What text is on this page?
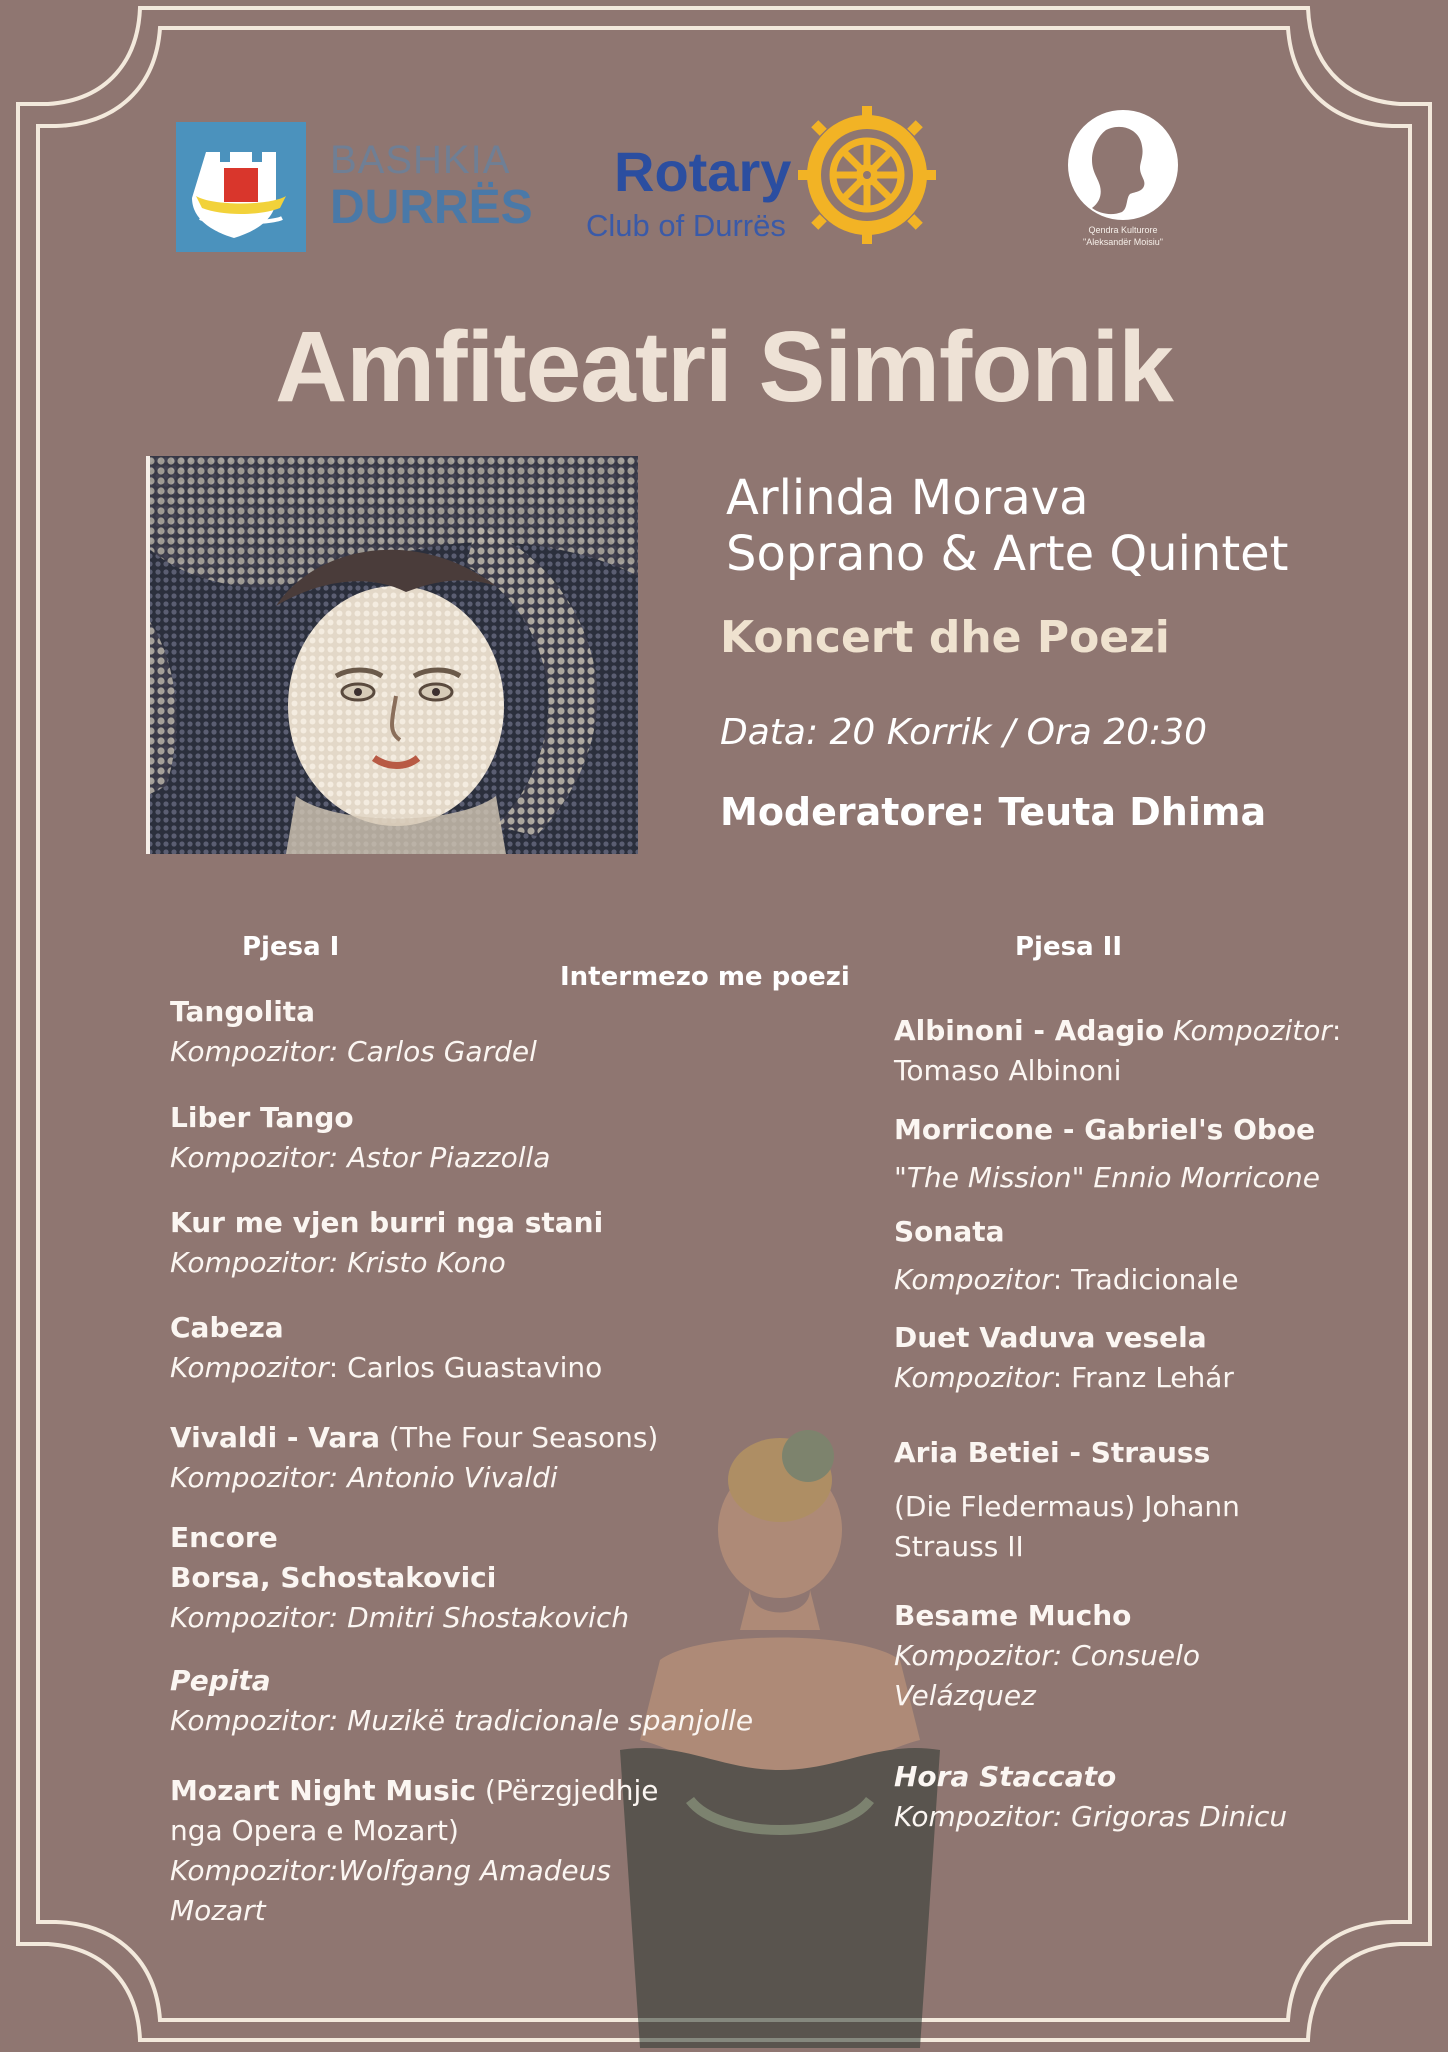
BASHKIA
DURRËS
Rotary
Club of Durrës	Qendra Kulturore
"Aleksandër Moisiu"
Amfiteatri Simfonik
Arlinda Morava
Soprano & Arte Quintet
Koncert dhe Poezi
Data: 20 Korrik / Ora 20:30
Moderatore: Teuta Dhima
Pjesa I
Intermezo me poezi
Pjesa II
Tangolita
Kompozitor: Carlos Gardel
Liber Tango
Kompozitor: Astor Piazzolla
Kur me vjen burri nga stani
Kompozitor: Kristo Kono
Cabeza
Kompozitor: Carlos Guastavino
Vivaldi - Vara (The Four Seasons)
Kompozitor: Antonio Vivaldi
Encore
Borsa, Schostakovici
Kompozitor: Dmitri Shostakovich
Pepita
Kompozitor: Muzikë tradicionale spanjolle
Mozart Night Music (Përzgjedhje
nga Opera e Mozart)
Kompozitor:Wolfgang Amadeus
Mozart
Albinoni - Adagio Kompozitor:
Tomaso Albinoni
Morricone - Gabriel's Oboe
"The Mission" Ennio Morricone
Sonata
Kompozitor: Tradicionale
Duet Vaduva vesela
Kompozitor: Franz Lehár
Aria Betiei - Strauss
(Die Fledermaus) Johann
Strauss II
Besame Mucho
Kompozitor: Consuelo
Velázquez
Hora Staccato
Kompozitor: Grigoras Dinicu
